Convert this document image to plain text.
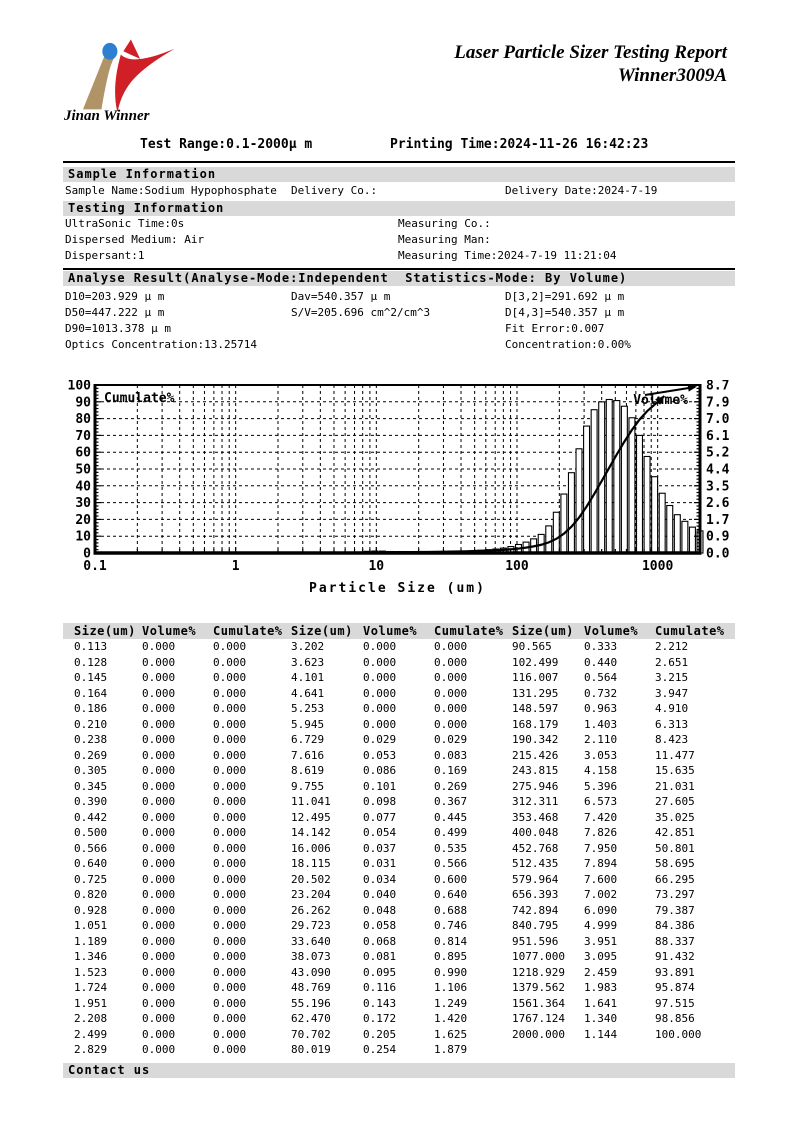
Jinan Winner
Laser Particle Sizer Testing Report
Winner3009A
Test Range:0.1-2000μ m	Printing Time:2024-11-26 16:42:23
Sample Information
Sample Name:Sodium Hypophosphate Delivery Co.:	Delivery Date:2024-7-19
Testing Information
UltraSonic Time:0s
Dispersed Medium: Air
Dispersant:1
Measuring Co.:
Measuring Man:
Measuring Time:2024-7-19 11:21:04
Analyse Result(Analyse-Mode:Independent  Statistics-Mode: By Volume)
D10=203.929 μ m	Dav=540.357 μ m	D[3,2]=291.692 μ m
D50=447.222 μ m	S/V=205.696 cm^2/cm^3	D[4,3]=540.357 μ m
D90=1013.378 μ m	Fit Error:0.007
Optics Concentration:13.25714	Concentration:0.00%
0
10
20
30
40
50
60
70
80
90
100
0.0
0.9
1.7
2.6
3.5
4.4
5.2
6.1
7.0
7.9
8.7
0.1	1	10	100	1000
Cumulate%	Volume%
Particle Size (um)
Size(um)	Volume%	Cumulate%	Size(um)	Volume%	Cumulate%	Size(um)	Volume%	Cumulate%
0.113	0.000	0.000	3.202	0.000	0.000	90.565	0.333	2.212
0.128	0.000	0.000	3.623	0.000	0.000	102.499	0.440	2.651
0.145	0.000	0.000	4.101	0.000	0.000	116.007	0.564	3.215
0.164	0.000	0.000	4.641	0.000	0.000	131.295	0.732	3.947
0.186	0.000	0.000	5.253	0.000	0.000	148.597	0.963	4.910
0.210	0.000	0.000	5.945	0.000	0.000	168.179	1.403	6.313
0.238	0.000	0.000	6.729	0.029	0.029	190.342	2.110	8.423
0.269	0.000	0.000	7.616	0.053	0.083	215.426	3.053	11.477
0.305	0.000	0.000	8.619	0.086	0.169	243.815	4.158	15.635
0.345	0.000	0.000	9.755	0.101	0.269	275.946	5.396	21.031
0.390	0.000	0.000	11.041	0.098	0.367	312.311	6.573	27.605
0.442	0.000	0.000	12.495	0.077	0.445	353.468	7.420	35.025
0.500	0.000	0.000	14.142	0.054	0.499	400.048	7.826	42.851
0.566	0.000	0.000	16.006	0.037	0.535	452.768	7.950	50.801
0.640	0.000	0.000	18.115	0.031	0.566	512.435	7.894	58.695
0.725	0.000	0.000	20.502	0.034	0.600	579.964	7.600	66.295
0.820	0.000	0.000	23.204	0.040	0.640	656.393	7.002	73.297
0.928	0.000	0.000	26.262	0.048	0.688	742.894	6.090	79.387
1.051	0.000	0.000	29.723	0.058	0.746	840.795	4.999	84.386
1.189	0.000	0.000	33.640	0.068	0.814	951.596	3.951	88.337
1.346	0.000	0.000	38.073	0.081	0.895	1077.000	3.095	91.432
1.523	0.000	0.000	43.090	0.095	0.990	1218.929	2.459	93.891
1.724	0.000	0.000	48.769	0.116	1.106	1379.562	1.983	95.874
1.951	0.000	0.000	55.196	0.143	1.249	1561.364	1.641	97.515
2.208	0.000	0.000	62.470	0.172	1.420	1767.124	1.340	98.856
2.499	0.000	0.000	70.702	0.205	1.625	2000.000	1.144	100.000
2.829	0.000	0.000	80.019	0.254	1.879			
Contact us
